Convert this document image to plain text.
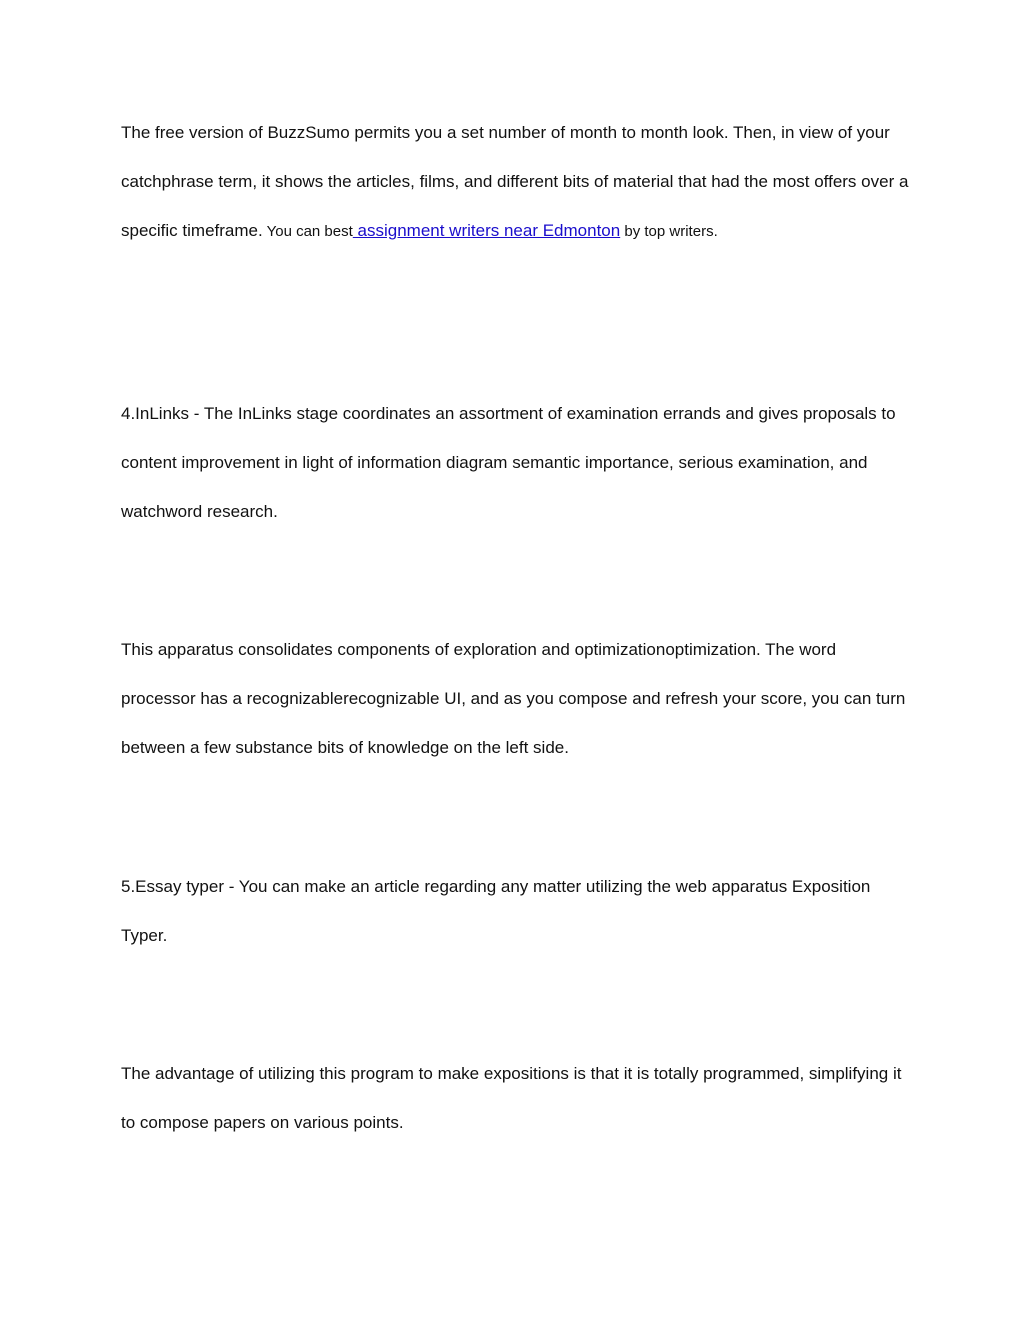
The free version of BuzzSumo permits you a set number of month to month look. Then, in view of your catchphrase term, it shows the articles, films, and different bits of material that had the most offers over a specific timeframe. You can best assignment writers near Edmonton by top writers.

4.InLinks - The InLinks stage coordinates an assortment of examination errands and gives proposals to content improvement in light of information diagram semantic importance, serious examination, and watchword research.

This apparatus consolidates components of exploration and optimizationoptimization. The word processor has a recognizablerecognizable UI, and as you compose and refresh your score, you can turn between a few substance bits of knowledge on the left side.

5.Essay typer - You can make an article regarding any matter utilizing the web apparatus Exposition Typer.

The advantage of utilizing this program to make expositions is that it is totally programmed, simplifying it to compose papers on various points.
